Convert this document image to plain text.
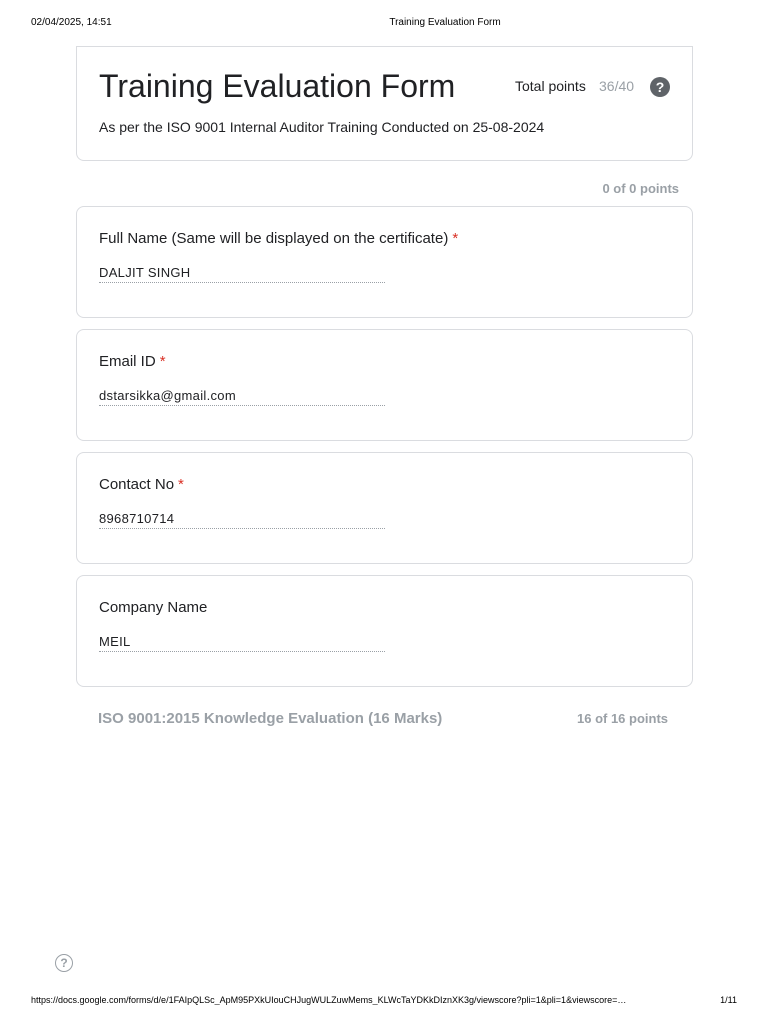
02/04/2025, 14:51	Training Evaluation Form
Training Evaluation Form	Total points 36/40	?
As per the ISO 9001 Internal Auditor Training Conducted on 25-08-2024
0 of 0 points
Full Name (Same will be displayed on the certificate) *
DALJIT SINGH
Email ID *
dstarsikka@gmail.com
Contact No *
8968710714
Company Name
MEIL
ISO 9001:2015 Knowledge Evaluation (16 Marks)	16 of 16 points
?
https://docs.google.com/forms/d/e/1FAIpQLSc_ApM95PXkUIouCHJugWULZuwMems_KLWcTaYDKkDIznXK3g/viewscore?pli=1&pli=1&viewscore=…	1/11
